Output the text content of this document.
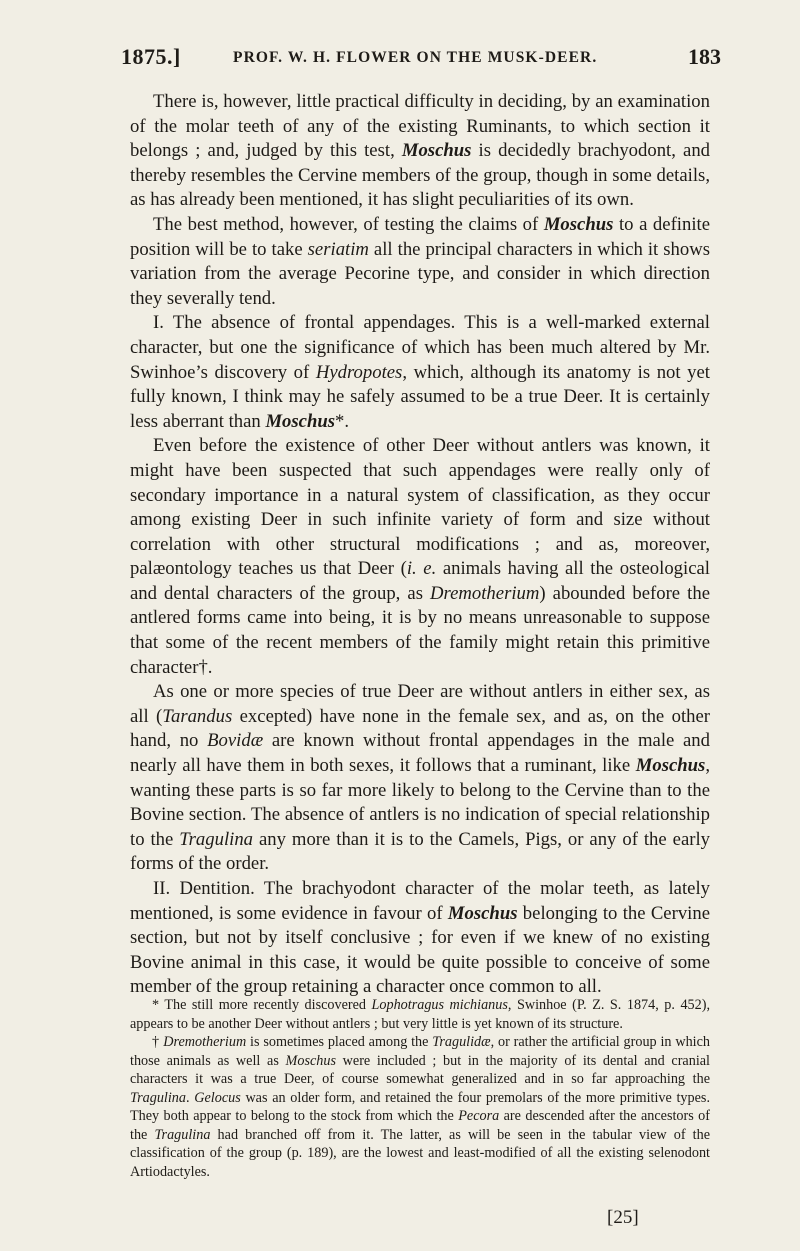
1875.]	PROF. W. H. FLOWER ON THE MUSK-DEER.	183

There is, however, little practical difficulty in deciding, by an examination of the molar teeth of any of the existing Ruminants, to which section it belongs ; and, judged by this test, Moschus is decidedly brachyodont, and thereby resembles the Cervine members of the group, though in some details, as has already been mentioned, it has slight peculiarities of its own.

The best method, however, of testing the claims of Moschus to a definite position will be to take seriatim all the principal characters in which it shows variation from the average Pecorine type, and consider in which direction they severally tend.

I. The absence of frontal appendages. This is a well-marked external character, but one the significance of which has been much altered by Mr. Swinhoe’s discovery of Hydropotes, which, although its anatomy is not yet fully known, I think may he safely assumed to be a true Deer. It is certainly less aberrant than Moschus*.

Even before the existence of other Deer without antlers was known, it might have been suspected that such appendages were really only of secondary importance in a natural system of classification, as they occur among existing Deer in such infinite variety of form and size without correlation with other structural modifications ; and as, moreover, palæontology teaches us that Deer (i. e. animals having all the osteological and dental characters of the group, as Dremotherium) abounded before the antlered forms came into being, it is by no means unreasonable to suppose that some of the recent members of the family might retain this primitive character†.

As one or more species of true Deer are without antlers in either sex, as all (Tarandus excepted) have none in the female sex, and as, on the other hand, no Bovidæ are known without frontal appendages in the male and nearly all have them in both sexes, it follows that a ruminant, like Moschus, wanting these parts is so far more likely to belong to the Cervine than to the Bovine section. The absence of antlers is no indication of special relationship to the Tragulina any more than it is to the Camels, Pigs, or any of the early forms of the order.

II. Dentition. The brachyodont character of the molar teeth, as lately mentioned, is some evidence in favour of Moschus belonging to the Cervine section, but not by itself conclusive ; for even if we knew of no existing Bovine animal in this case, it would be quite possible to conceive of some member of the group retaining a character once common to all.

* The still more recently discovered Lophotragus michianus, Swinhoe (P. Z. S. 1874, p. 452), appears to be another Deer without antlers ; but very little is yet known of its structure.

† Dremotherium is sometimes placed among the Tragulidæ, or rather the artificial group in which those animals as well as Moschus were included ; but in the majority of its dental and cranial characters it was a true Deer, of course somewhat generalized and in so far approaching the Tragulina. Gelocus was an older form, and retained the four premolars of the more primitive types. They both appear to belong to the stock from which the Pecora are descended after the ancestors of the Tragulina had branched off from it. The latter, as will be seen in the tabular view of the classification of the group (p. 189), are the lowest and least-modified of all the existing selenodont Artiodactyles.

[25]
